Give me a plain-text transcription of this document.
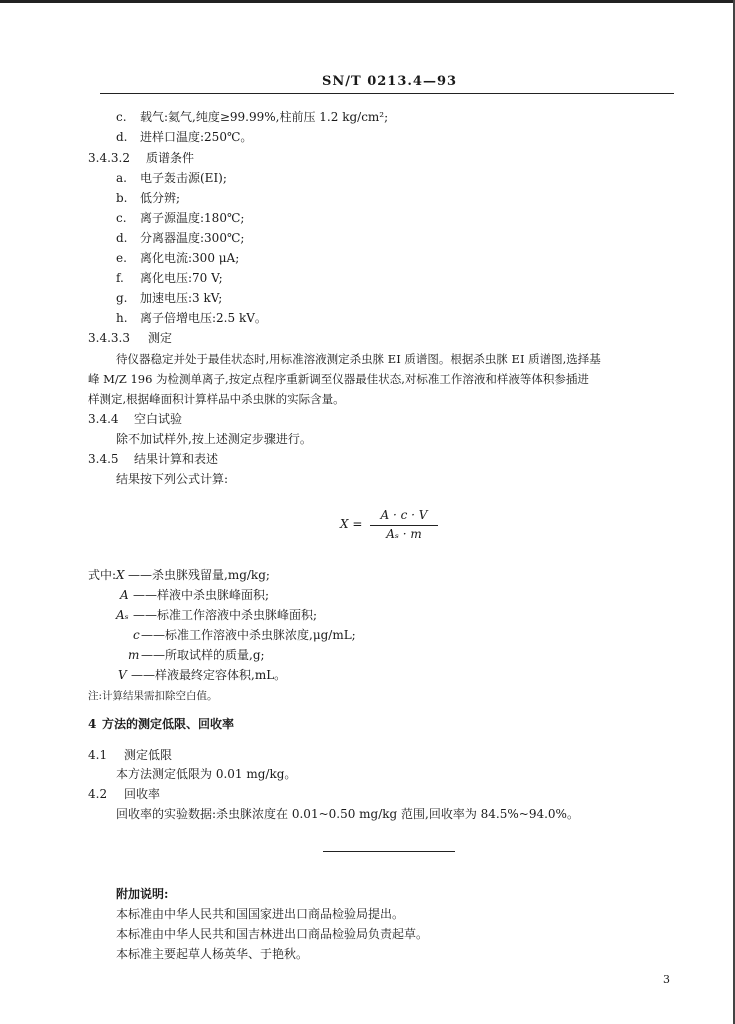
SN/T 0213.4—93
c. 载气:氦气,纯度≥99.99%,柱前压 1.2 kg/cm²;
d. 进样口温度:250℃。
3.4.3.2 质谱条件
a. 电子轰击源(EI);
b. 低分辨;
c. 离子源温度:180℃;
d. 分离器温度:300℃;
e. 离化电流:300 μA;
f. 离化电压:70 V;
g. 加速电压:3 kV;
h. 离子倍增电压:2.5 kV。
3.4.3.3 测定
待仪器稳定并处于最佳状态时,用标准溶液测定杀虫脒 EI 质谱图。根据杀虫脒 EI 质谱图,选择基
峰 M/Z 196 为检测单离子,按定点程序重新调至仪器最佳状态,对标准工作溶液和样液等体积参插进
样测定,根据峰面积计算样品中杀虫脒的实际含量。
3.4.4 空白试验
除不加试样外,按上述测定步骤进行。
3.4.5 结果计算和表述
结果按下列公式计算:
X =
A · c · V
Aₛ · m
式中: X ——杀虫脒残留量,mg/kg;
A ——样液中杀虫脒峰面积;
Aₛ ——标准工作溶液中杀虫脒峰面积;
c ——标准工作溶液中杀虫脒浓度,μg/mL;
m ——所取试样的质量,g;
V ——样液最终定容体积,mL。
注:计算结果需扣除空白值。
4 方法的测定低限、回收率
4.1 测定低限
本方法测定低限为 0.01 mg/kg。
4.2 回收率
回收率的实验数据:杀虫脒浓度在 0.01~0.50 mg/kg 范围,回收率为 84.5%~94.0%。
附加说明:
本标准由中华人民共和国国家进出口商品检验局提出。
本标准由中华人民共和国吉林进出口商品检验局负责起草。
本标准主要起草人杨英华、于艳秋。
3
